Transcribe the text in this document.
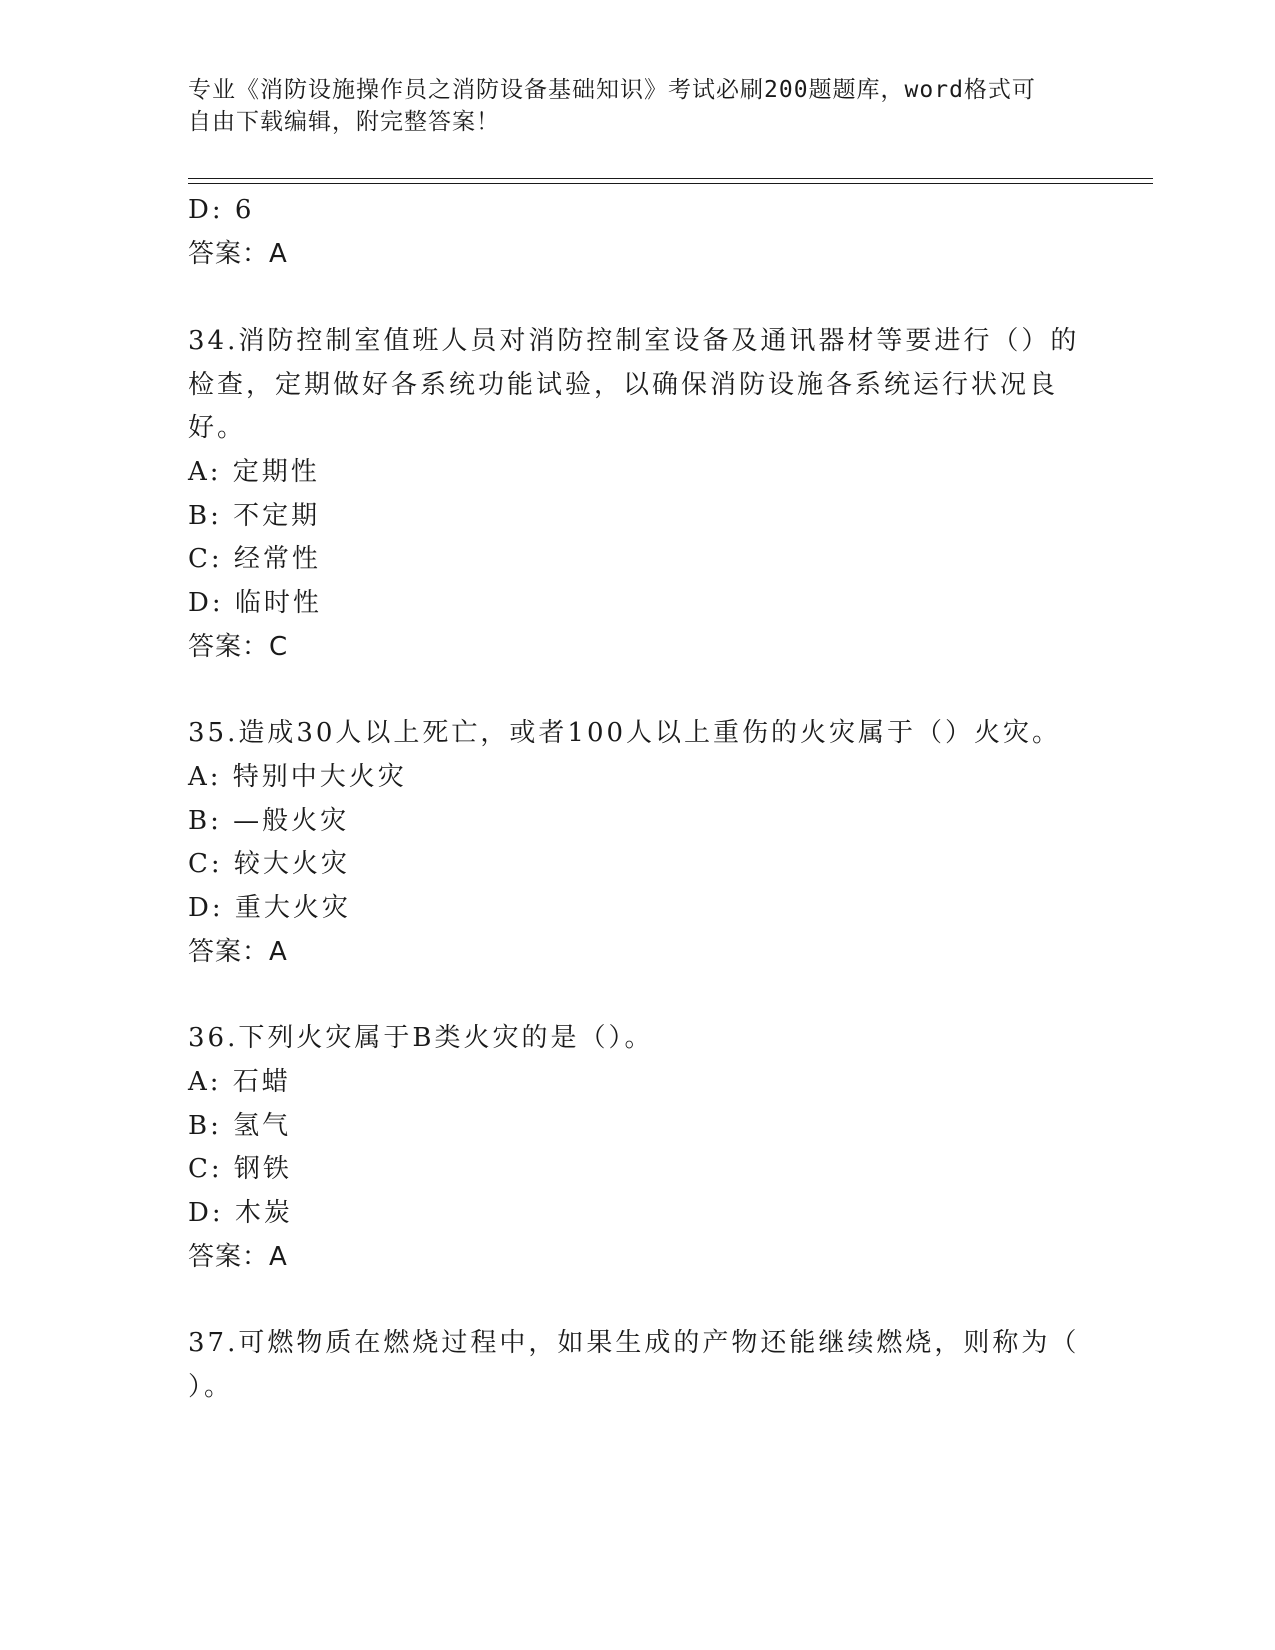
专业《消防设施操作员之消防设备基础知识》考试必刷200题题库，word格式可
自由下载编辑，附完整答案！
D: 6
答案：A
34.消防控制室值班人员对消防控制室设备及通讯器材等要进行（）的
检查，定期做好各系统功能试验，以确保消防设施各系统运行状况良
好。
A: 定期性
B: 不定期
C: 经常性
D: 临时性
答案：C
35.造成30人以上死亡，或者100人以上重伤的火灾属于（）火灾。
A: 特别中大火灾
B: —般火灾
C: 较大火灾
D: 重大火灾
答案：A
36.下列火灾属于B类火灾的是（）。
A: 石蜡
B: 氢气
C: 钢铁
D: 木炭
答案：A
37.可燃物质在燃烧过程中，如果生成的产物还能继续燃烧，则称为（
）。
